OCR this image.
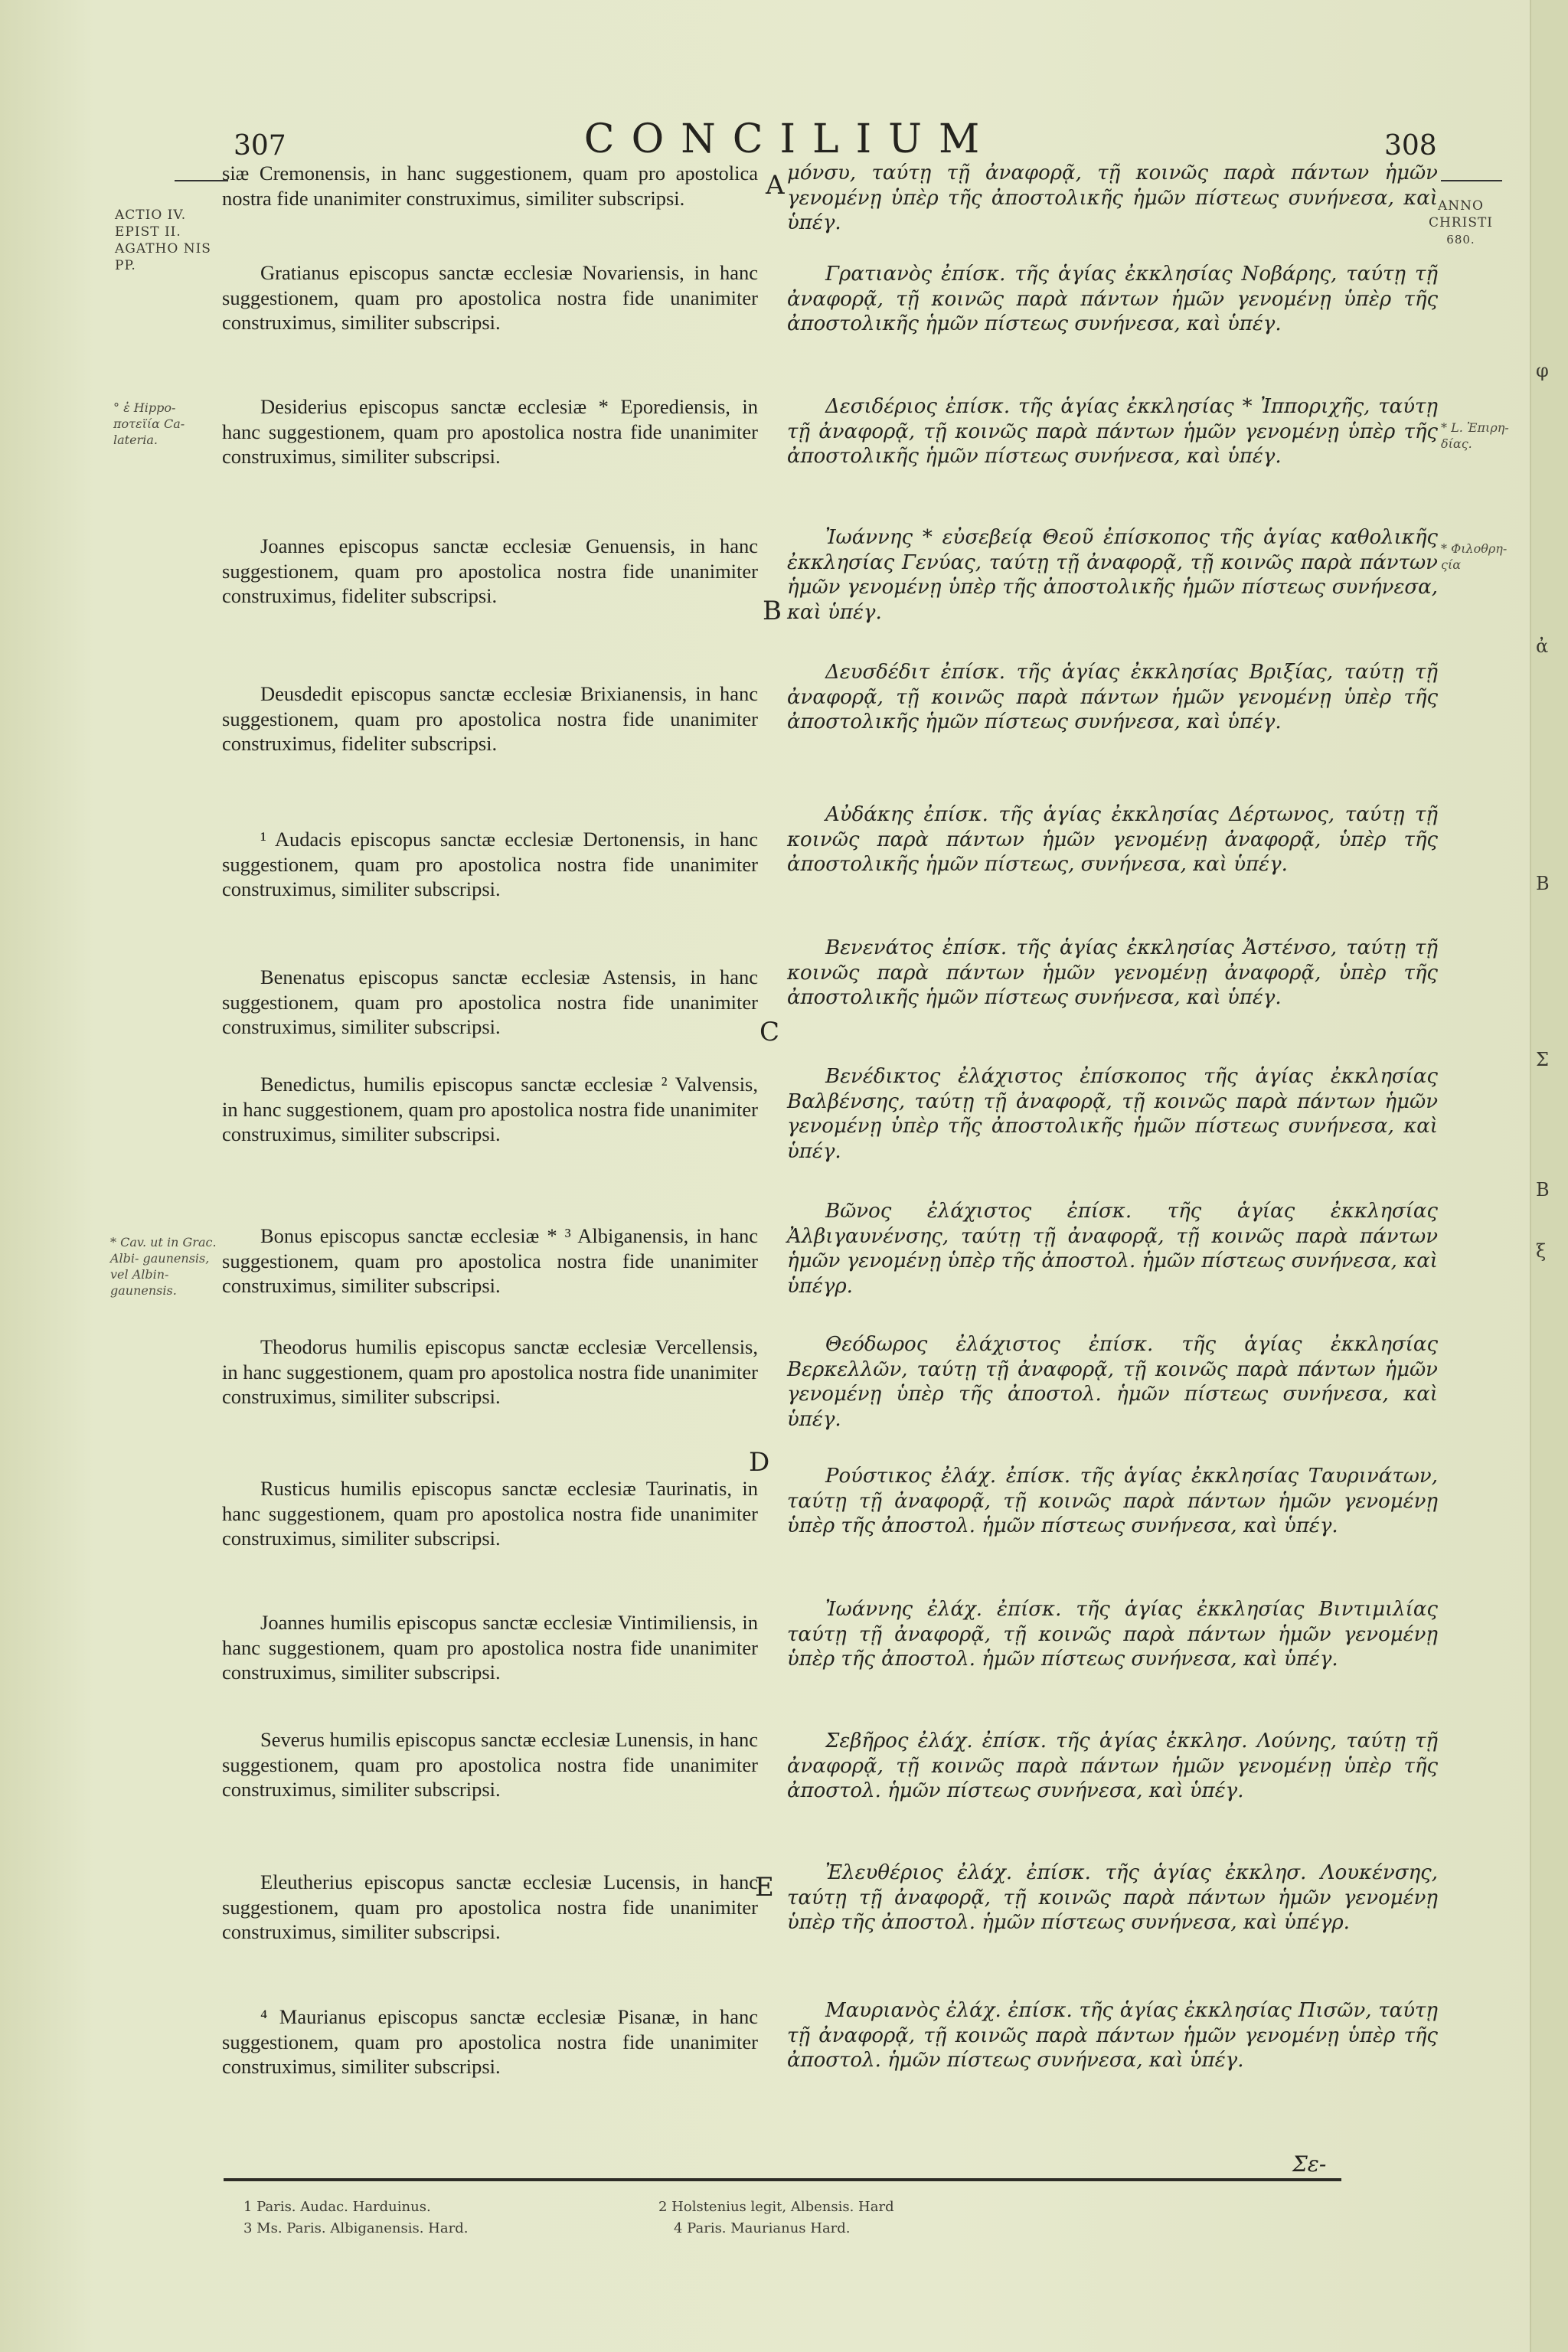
307	CONCILIUM	308
ACTIO IV. EPIST II. AGATHO NIS PP.
ANNO
CHRISTI
680.
° ἐ Hippo- ποτεϊία Ca- lateria.
* Cav. ut in Grac. Albi- gaunensis, vel Albin- gaunensis.
* L. Ἐπιρη- δίας.
* Φιλοθρη- ςία
A
B
C
D
E
siæ Cremonensis, in hanc suggestionem, quam pro apostolica nostra fide unanimiter construximus, similiter subscripsi.
Gratianus episcopus sanctæ ecclesiæ Novariensis, in hanc suggestionem, quam pro apostolica nostra fide unanimiter construximus, similiter subscripsi.
Desiderius episcopus sanctæ ecclesiæ * Eporediensis, in hanc suggestionem, quam pro apostolica nostra fide unanimiter construximus, similiter subscripsi.
Joannes episcopus sanctæ ecclesiæ Genuensis, in hanc suggestionem, quam pro apostolica nostra fide unanimiter construximus, fideliter subscripsi.
Deusdedit episcopus sanctæ ecclesiæ Brixianensis, in hanc suggestionem, quam pro apostolica nostra fide unanimiter construximus, fideliter subscripsi.
¹ Audacis episcopus sanctæ ecclesiæ Dertonensis, in hanc suggestionem, quam pro apostolica nostra fide unanimiter construximus, similiter subscripsi.
Benenatus episcopus sanctæ ecclesiæ Astensis, in hanc suggestionem, quam pro apostolica nostra fide unanimiter construximus, similiter subscripsi.
Benedictus, humilis episcopus sanctæ ecclesiæ ² Valvensis, in hanc suggestionem, quam pro apostolica nostra fide unanimiter construximus, similiter subscripsi.
Bonus episcopus sanctæ ecclesiæ * ³ Albiganensis, in hanc suggestionem, quam pro apostolica nostra fide unanimiter construximus, similiter subscripsi.
Theodorus humilis episcopus sanctæ ecclesiæ Vercellensis, in hanc suggestionem, quam pro apostolica nostra fide unanimiter construximus, similiter subscripsi.
Rusticus humilis episcopus sanctæ ecclesiæ Taurinatis, in hanc suggestionem, quam pro apostolica nostra fide unanimiter construximus, similiter subscripsi.
Joannes humilis episcopus sanctæ ecclesiæ Vintimiliensis, in hanc suggestionem, quam pro apostolica nostra fide unanimiter construximus, similiter subscripsi.
Severus humilis episcopus sanctæ ecclesiæ Lunensis, in hanc suggestionem, quam pro apostolica nostra fide unanimiter construximus, similiter subscripsi.
Eleutherius episcopus sanctæ ecclesiæ Lucensis, in hanc suggestionem, quam pro apostolica nostra fide unanimiter construximus, similiter subscripsi.
⁴ Maurianus episcopus sanctæ ecclesiæ Pisanæ, in hanc suggestionem, quam pro apostolica nostra fide unanimiter construximus, similiter subscripsi.
μόνσυ, ταύτῃ τῇ ἀναφορᾷ, τῇ κοινῶς παρὰ πάντων ἡμῶν γενομένῃ ὑπὲρ τῆς ἀποστολικῆς ἡμῶν πίστεως συνήνεσα, καὶ ὑπέγ.
Γρατιανὸς ἐπίσκ. τῆς ἁγίας ἐκκλησίας Νοβάρης, ταύτῃ τῇ ἀναφορᾷ, τῇ κοινῶς παρὰ πάντων ἡμῶν γενομένῃ ὑπὲρ τῆς ἀποστολικῆς ἡμῶν πίστεως συνήνεσα, καὶ ὑπέγ.
Δεσιδέριος ἐπίσκ. τῆς ἁγίας ἐκκλησίας * Ἰπποριχῆς, ταύτῃ τῇ ἀναφορᾷ, τῇ κοινῶς παρὰ πάντων ἡμῶν γενομένῃ ὑπὲρ τῆς ἀποστολικῆς ἡμῶν πίστεως συνήνεσα, καὶ ὑπέγ.
Ἰωάννης * εὐσεβείᾳ Θεοῦ ἐπίσκοπος τῆς ἁγίας καθολικῆς ἐκκλησίας Γενύας, ταύτῃ τῇ ἀναφορᾷ, τῇ κοινῶς παρὰ πάντων ἡμῶν γενομένῃ ὑπὲρ τῆς ἀποστολικῆς ἡμῶν πίστεως συνήνεσα, καὶ ὑπέγ.
Δευσδέδιτ ἐπίσκ. τῆς ἁγίας ἐκκλησίας Βριξίας, ταύτῃ τῇ ἀναφορᾷ, τῇ κοινῶς παρὰ πάντων ἡμῶν γενομένῃ ὑπὲρ τῆς ἀποστολικῆς ἡμῶν πίστεως συνήνεσα, καὶ ὑπέγ.
Αὐδάκης ἐπίσκ. τῆς ἁγίας ἐκκλησίας Δέρτωνος, ταύτῃ τῇ κοινῶς παρὰ πάντων ἡμῶν γενομένῃ ἀναφορᾷ, ὑπὲρ τῆς ἀποστολικῆς ἡμῶν πίστεως, συνήνεσα, καὶ ὑπέγ.
Βενενάτος ἐπίσκ. τῆς ἁγίας ἐκκλησίας Ἀστένσο, ταύτῃ τῇ κοινῶς παρὰ πάντων ἡμῶν γενομένῃ ἀναφορᾷ, ὑπὲρ τῆς ἀποστολικῆς ἡμῶν πίστεως συνήνεσα, καὶ ὑπέγ.
Βενέδικτος ἐλάχιστος ἐπίσκοπος τῆς ἁγίας ἐκκλησίας Βαλβένσης, ταύτῃ τῇ ἀναφορᾷ, τῇ κοινῶς παρὰ πάντων ἡμῶν γενομένῃ ὑπὲρ τῆς ἀποστολικῆς ἡμῶν πίστεως συνήνεσα, καὶ ὑπέγ.
Βῶνος ἐλάχιστος ἐπίσκ. τῆς ἁγίας ἐκκλησίας Ἀλβιγαυνένσης, ταύτῃ τῇ ἀναφορᾷ, τῇ κοινῶς παρὰ πάντων ἡμῶν γενομένῃ ὑπὲρ τῆς ἀποστολ. ἡμῶν πίστεως συνήνεσα, καὶ ὑπέγρ.
Θεόδωρος ἐλάχιστος ἐπίσκ. τῆς ἁγίας ἐκκλησίας Βερκελλῶν, ταύτῃ τῇ ἀναφορᾷ, τῇ κοινῶς παρὰ πάντων ἡμῶν γενομένῃ ὑπὲρ τῆς ἀποστολ. ἡμῶν πίστεως συνήνεσα, καὶ ὑπέγ.
Ρούστικος ἐλάχ. ἐπίσκ. τῆς ἁγίας ἐκκλησίας Ταυρινάτων, ταύτῃ τῇ ἀναφορᾷ, τῇ κοινῶς παρὰ πάντων ἡμῶν γενομένῃ ὑπὲρ τῆς ἀποστολ. ἡμῶν πίστεως συνήνεσα, καὶ ὑπέγ.
Ἰωάννης ἐλάχ. ἐπίσκ. τῆς ἁγίας ἐκκλησίας Βιντιμιλίας ταύτῃ τῇ ἀναφορᾷ, τῇ κοινῶς παρὰ πάντων ἡμῶν γενομένῃ ὑπὲρ τῆς ἀποστολ. ἡμῶν πίστεως συνήνεσα, καὶ ὑπέγ.
Σεβῆρος ἐλάχ. ἐπίσκ. τῆς ἁγίας ἐκκλησ. Λούνης, ταύτῃ τῇ ἀναφορᾷ, τῇ κοινῶς παρὰ πάντων ἡμῶν γενομένῃ ὑπὲρ τῆς ἀποστολ. ἡμῶν πίστεως συνήνεσα, καὶ ὑπέγ.
Ἐλευθέριος ἐλάχ. ἐπίσκ. τῆς ἁγίας ἐκκλησ. Λουκένσης, ταύτῃ τῇ ἀναφορᾷ, τῇ κοινῶς παρὰ πάντων ἡμῶν γενομένῃ ὑπὲρ τῆς ἀποστολ. ἡμῶν πίστεως συνήνεσα, καὶ ὑπέγρ.
Μαυριανὸς ἐλάχ. ἐπίσκ. τῆς ἁγίας ἐκκλησίας Πισῶν, ταύτῃ τῇ ἀναφορᾷ, τῇ κοινῶς παρὰ πάντων ἡμῶν γενομένῃ ὑπὲρ τῆς ἀποστολ. ἡμῶν πίστεως συνήνεσα, καὶ ὑπέγ.
Σε-
1 Paris. Audac. Harduinus.	2 Holstenius legit, Albensis. Hard
3 Ms. Paris. Albiganensis. Hard.	4 Paris. Maurianus Hard.
φ
ἀ
Β
Σ
Β
ξ
